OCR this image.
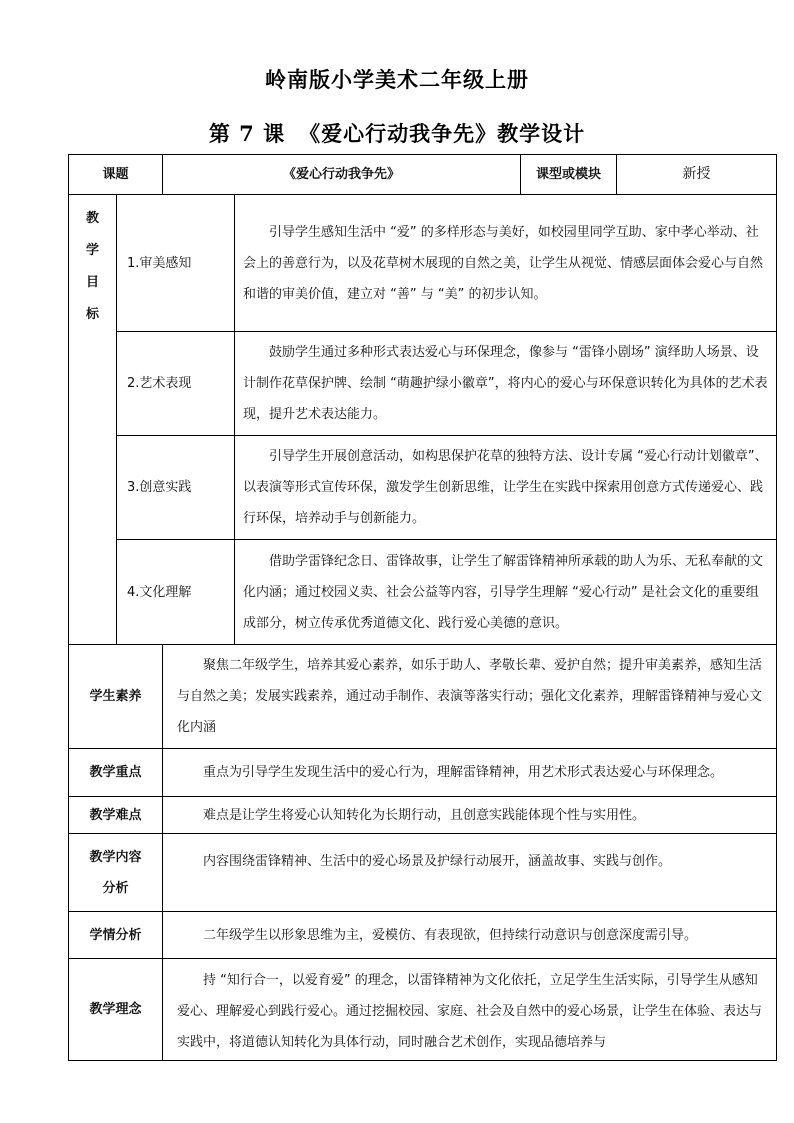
岭南版小学美术二年级上册
第 7 课 《爱心行动我争先》教学设计
课题		《爱心行动我争先》		课型或模块	新授

教
学
目
标	1.审美感知		引导学生感知生活中 “爱” 的多样形态与美好，如校园里同学互助、家中孝心举动、社会上的善意行为，以及花草树木展现的自然之美，让学生从视觉、情感层面体会爱心与自然和谐的审美价值，建立对 “善” 与 “美” 的初步认知。		
	2.艺术表现		鼓励学生通过多种形式表达爱心与环保理念，像参与 “雷锋小剧场” 演绎助人场景、设计制作花草保护牌、绘制 “萌趣护绿小徽章”，将内心的爱心与环保意识转化为具体的艺术表现，提升艺术表达能力。		
	3.创意实践		引导学生开展创意活动，如构思保护花草的独特方法、设计专属 “爱心行动计划徽章”、以表演等形式宣传环保，激发学生创新思维，让学生在实践中探索用创意方式传递爱心、践行环保，培养动手与创新能力。		
	4.文化理解		借助学雷锋纪念日、雷锋故事，让学生了解雷锋精神所承载的助人为乐、无私奉献的文化内涵；通过校园义卖、社会公益等内容，引导学生理解 “爱心行动” 是社会文化的重要组成部分，树立传承优秀道德文化、践行爱心美德的意识。		
学生素养		聚焦二年级学生，培养其爱心素养，如乐于助人、孝敬长辈、爱护自然；提升审美素养，感知生活与自然之美；发展实践素养，通过动手制作、表演等落实行动；强化文化素养，理解雷锋精神与爱心文化内涵			
教学重点		重点为引导学生发现生活中的爱心行为，理解雷锋精神，用艺术形式表达爱心与环保理念。			
教学难点		难点是让学生将爱心认知转化为长期行动，且创意实践能体现个性与实用性。			
教学内容分析		内容围绕雷锋精神、生活中的爱心场景及护绿行动展开，涵盖故事、实践与创作。			
学情分析		二年级学生以形象思维为主，爱模仿、有表现欲，但持续行动意识与创意深度需引导。			
教学理念		持 “知行合一，以爱育爱” 的理念，以雷锋精神为文化依托，立足学生生活实际，引导学生从感知爱心、理解爱心到践行爱心。通过挖掘校园、家庭、社会及自然中的爱心场景，让学生在体验、表达与实践中，将道德认知转化为具体行动，同时融合艺术创作，实现品德培养与			
